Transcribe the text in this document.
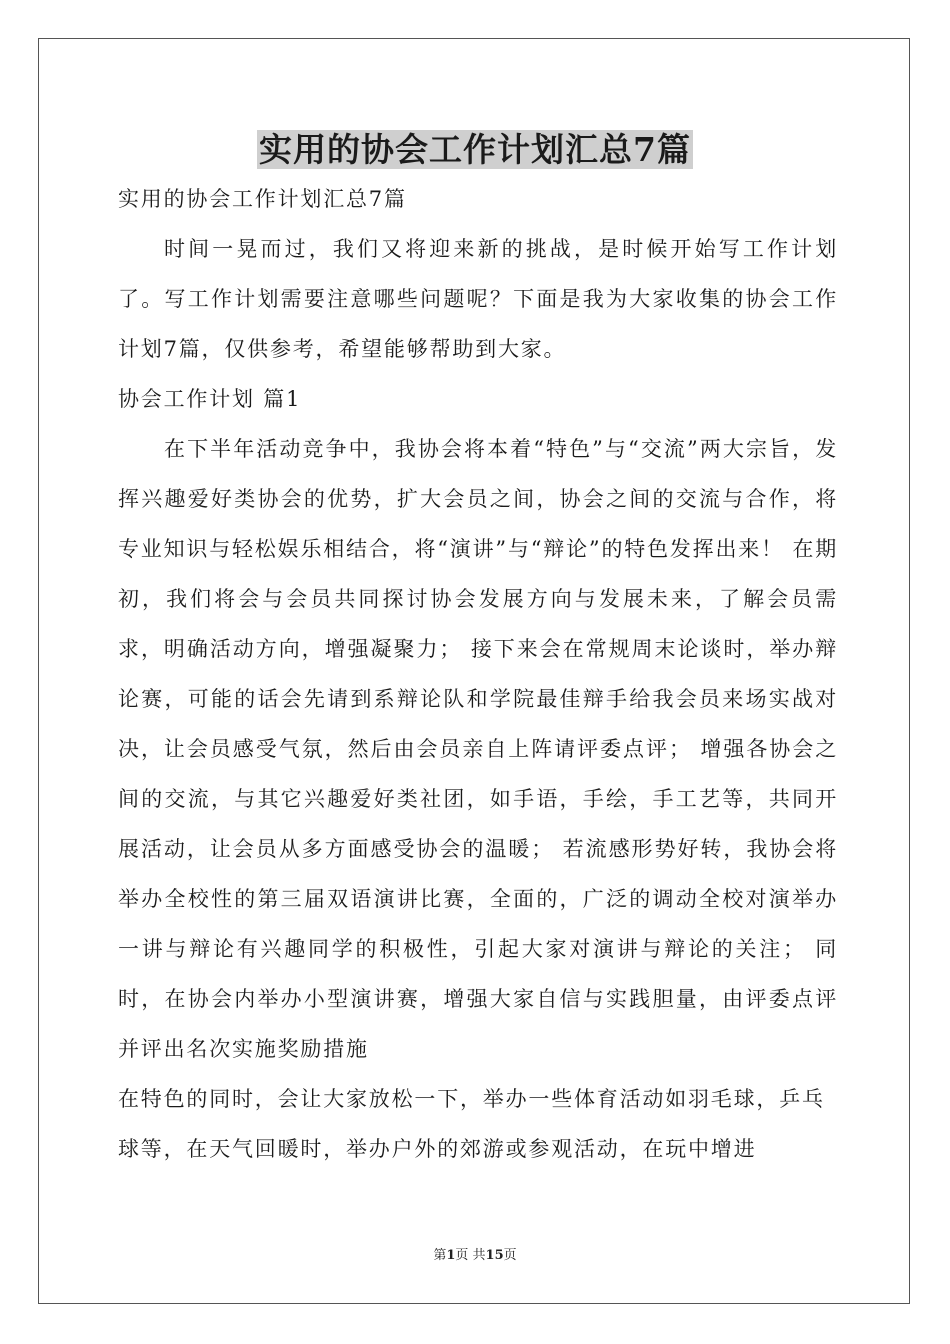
实用的协会工作计划汇总7篇

实用的协会工作计划汇总7篇

时间一晃而过，我们又将迎来新的挑战，是时候开始写工作计划了。写工作计划需要注意哪些问题呢？下面是我为大家收集的协会工作计划7篇，仅供参考，希望能够帮助到大家。

协会工作计划 篇1

在下半年活动竞争中，我协会将本着“特色”与“交流”两大宗旨，发挥兴趣爱好类协会的优势，扩大会员之间，协会之间的交流与合作，将专业知识与轻松娱乐相结合，将“演讲”与“辩论”的特色发挥出来！ 在期初，我们将会与会员共同探讨协会发展方向与发展未来，了解会员需求，明确活动方向，增强凝聚力； 接下来会在常规周末论谈时，举办辩论赛，可能的话会先请到系辩论队和学院最佳辩手给我会员来场实战对决，让会员感受气氛，然后由会员亲自上阵请评委点评； 增强各协会之间的交流，与其它兴趣爱好类社团，如手语，手绘，手工艺等，共同开展活动，让会员从多方面感受协会的温暖； 若流感形势好转，我协会将举办全校性的第三届双语演讲比赛，全面的，广泛的调动全校对演举办一讲与辩论有兴趣同学的积极性，引起大家对演讲与辩论的关注； 同时，在协会内举办小型演讲赛，增强大家自信与实践胆量，由评委点评并评出名次实施奖励措施

在特色的同时，会让大家放松一下，举办一些体育活动如羽毛球，乒乓球等，在天气回暖时，举办户外的郊游或参观活动，在玩中增进

第1页 共15页
